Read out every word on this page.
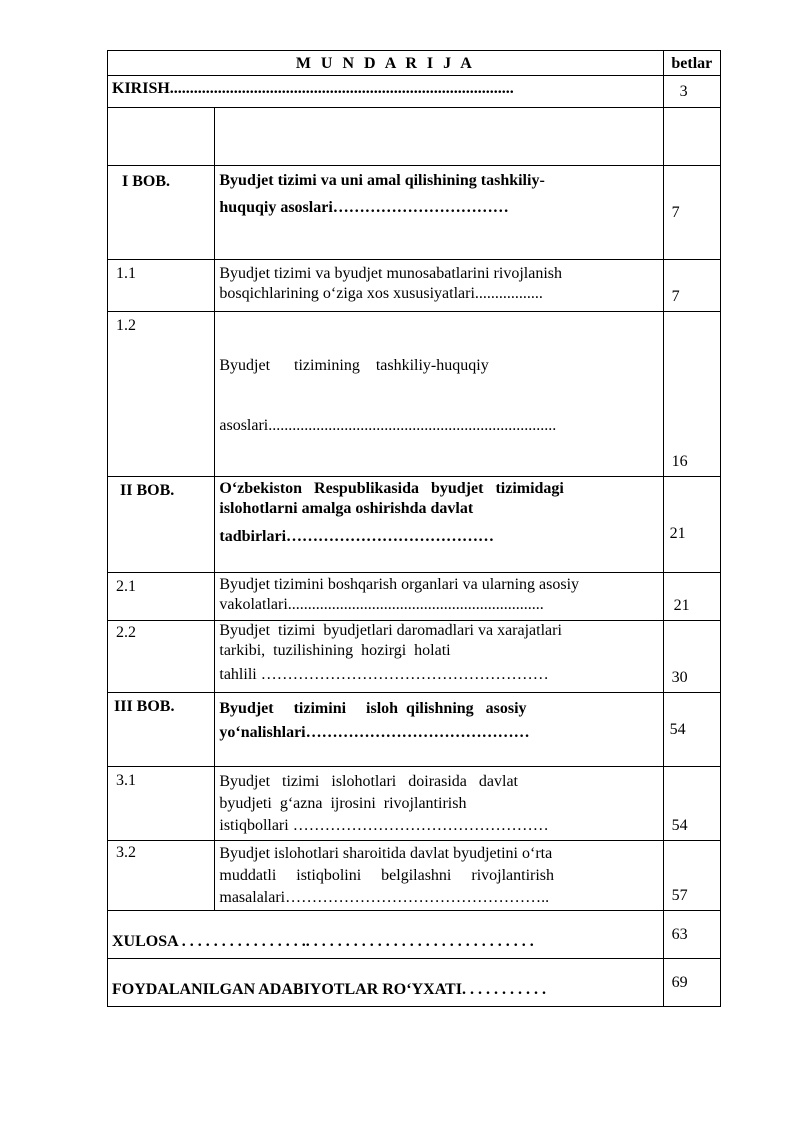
M U N D A R I J A		betlar

KIRISH......................................................................................		3

I BOB.	Byudjet tizimi va uni amal qilishining tashkiliy-
huquqiy asoslari……………………………	7
1.1	Byudjet tizimi va byudjet munosabatlarini rivojlanish
bosqichlarining o‘ziga xos xususiyatlari.................	7
1.2	Byudjet      tizimining    tashkiliy-huquqiy

asoslari........................................................................	16
II BOB.	O‘zbekiston   Respublikasida   byudjet   tizimidagi
islohotlarni amalga oshirishda davlat
tadbirlari…………………………………	21
2.1	Byudjet tizimini boshqarish organlari va ularning asosiy
vakolatlari................................................................	21
2.2	Byudjet  tizimi  byudjetlari daromadlari va xarajatlari
tarkibi,  tuzilishining  hozirgi  holati
tahlili ………………………………………………	30
III BOB.	Byudjet     tizimini     isloh  qilishning   asosiy
yo‘nalishlari……………………………………	54
3.1	Byudjet   tizimi   islohotlari   doirasida   davlat
byudjeti  g‘azna  ijrosini  rivojlantirish
istiqbollari …………………………………………	54
3.2	Byudjet islohotlari sharoitida davlat byudjetini o‘rta
muddatli     istiqbolini     belgilashni     rivojlantirish
masalalari…………………………………………..	57

XULOSA . . . . . . . . . . . . . . . .. . . . . . . . . . . . . . . . . . . . . . . . . . . . .		63

FOYDALANILGAN ADABIYOTLAR RO‘YXATI. . . . . . . . . . .		69
